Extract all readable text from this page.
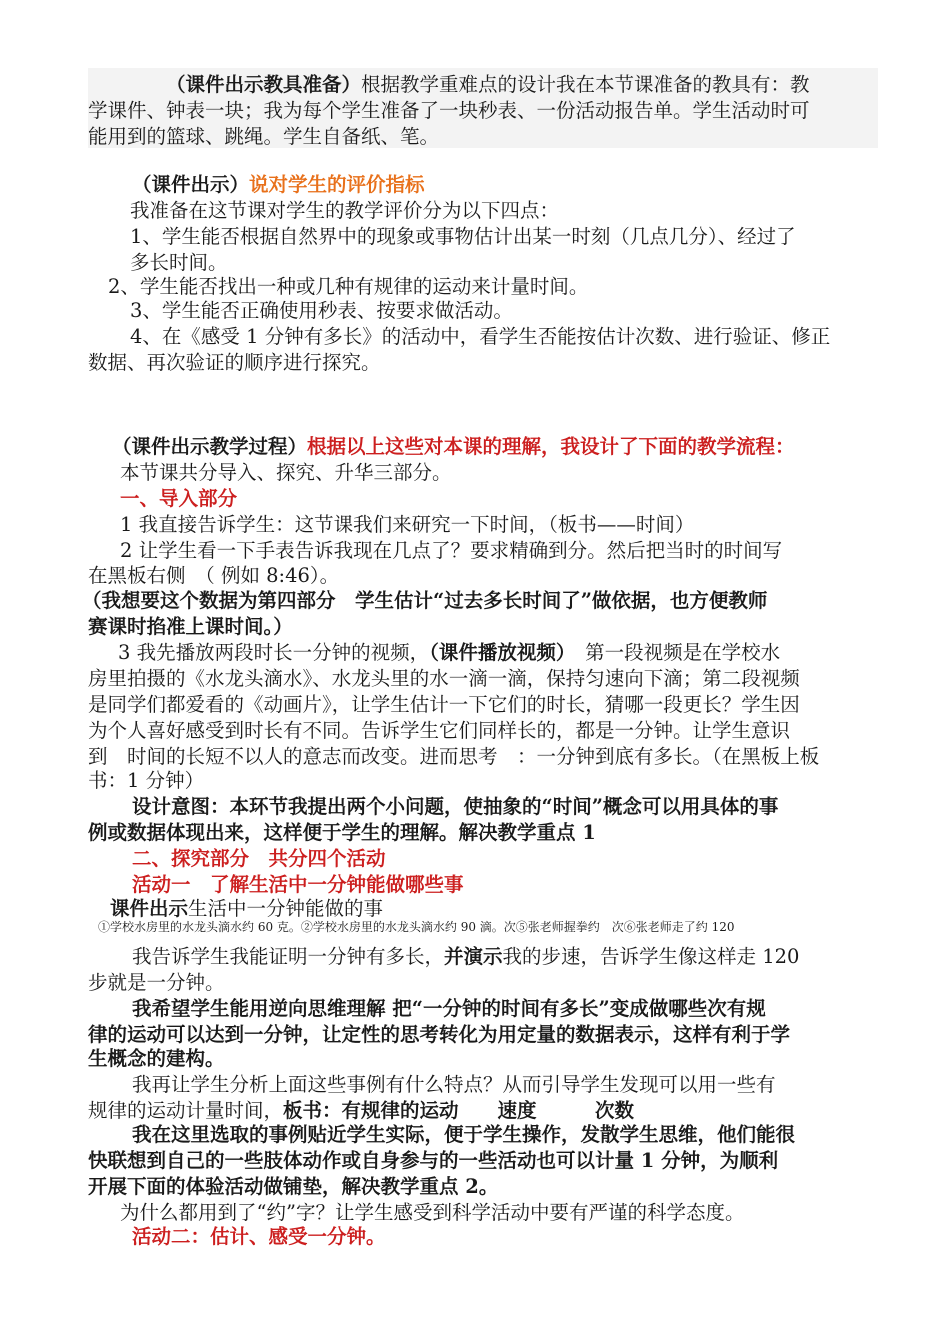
（课件出示教具准备）根据教学重难点的设计我在本节课准备的教具有：教
学课件、钟表一块；我为每个学生准备了一块秒表、一份活动报告单。学生活动时可
能用到的篮球、跳绳。学生自备纸、笔。
（课件出示）说对学生的评价指标
我准备在这节课对学生的教学评价分为以下四点：
1、学生能否根据自然界中的现象或事物估计出某一时刻（几点几分）、经过了
多长时间。
2、学生能否找出一种或几种有规律的运动来计量时间。
3、学生能否正确使用秒表、按要求做活动。
4、在《感受 1 分钟有多长》的活动中，看学生否能按估计次数、进行验证、修正
数据、再次验证的顺序进行探究。
（课件出示教学过程）根据以上这些对本课的理解，我设计了下面的教学流程：
本节课共分导入、探究、升华三部分。
一、导入部分
1 我直接告诉学生：这节课我们来研究一下时间，（板书——时间）
2 让学生看一下手表告诉我现在几点了？要求精确到分。然后把当时的时间写
在黑板右侧　（ 例如 8:46）。
（我想要这个数据为第四部分　学生估计“过去多长时间了”做依据，也方便教师
赛课时掐准上课时间。）
3 我先播放两段时长一分钟的视频，（课件播放视频）　第一段视频是在学校水
房里拍摄的《水龙头滴水》、水龙头里的水一滴一滴，保持匀速向下滴；第二段视频
是同学们都爱看的《动画片》，让学生估计一下它们的时长，猜哪一段更长？学生因
为个人喜好感受到时长有不同。告诉学生它们同样长的，都是一分钟。让学生意识
到　时间的长短不以人的意志而改变。进而思考　：一分钟到底有多长。（在黑板上板
书：1 分钟）
设计意图：本环节我提出两个小问题，使抽象的“时间”概念可以用具体的事
例或数据体现出来，这样便于学生的理解。解决教学重点 1
二、探究部分　共分四个活动
活动一　了解生活中一分钟能做哪些事
课件出示生活中一分钟能做的事
①学校水房里的水龙头滴水约 60 克。②学校水房里的水龙头滴水约 90 滴。次⑤张老师握拳约　次⑥张老师走了约 120
我告诉学生我能证明一分钟有多长，并演示我的步速，告诉学生像这样走 120
步就是一分钟。
我希望学生能用逆向思维理解 把“一分钟的时间有多长”变成做哪些次有规
律的运动可以达到一分钟，让定性的思考转化为用定量的数据表示，这样有利于学
生概念的建构。
我再让学生分析上面这些事例有什么特点？从而引导学生发现可以用一些有
规律的运动计量时间，板书：有规律的运动　　速度　　　次数
我在这里选取的事例贴近学生实际，便于学生操作，发散学生思维，他们能很
快联想到自己的一些肢体动作或自身参与的一些活动也可以计量 1 分钟，为顺利
开展下面的体验活动做铺垫，解决教学重点 2。
为什么都用到了“约”字？让学生感受到科学活动中要有严谨的科学态度。
活动二：估计、感受一分钟。
